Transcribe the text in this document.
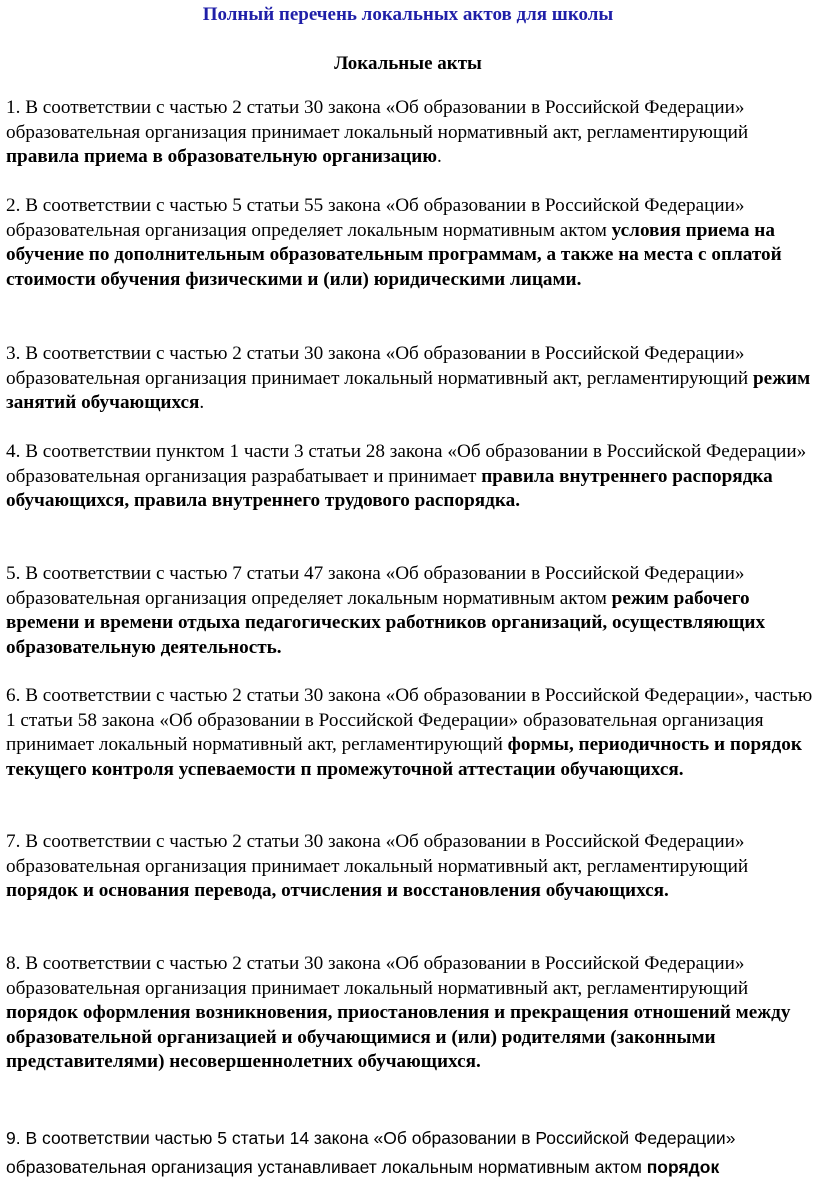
Полный перечень локальных актов для школы
Локальные акты

1. В соответствии с частью 2 статьи 30 закона «Об образовании в Российской Федерации» образовательная организация принимает локальный нормативный акт, регламентирующий правила приема в образовательную организацию.

2. В соответствии с частью 5 статьи 55 закона «Об образовании в Российской Федерации» образовательная организация определяет локальным нормативным актом условия приема на обучение по дополнительным образовательным программам, а также на места с оплатой стоимости обучения физическими и (или) юридическими лицами.

3. В соответствии с частью 2 статьи 30 закона «Об образовании в Российской Федерации» образовательная организация принимает локальный нормативный акт, регламентирующий режим занятий обучающихся.

4. В соответствии пунктом 1 части 3 статьи 28 закона «Об образовании в Российской Федерации» образовательная организация разрабатывает и принимает правила внутреннего распорядка обучающихся, правила внутреннего трудового распорядка.

5. В соответствии с частью 7 статьи 47 закона «Об образовании в Российской Федерации» образовательная организация определяет локальным нормативным актом режим рабочего времени и времени отдыха педагогических работников организаций, осуществляющих образовательную деятельность.

6. В соответствии с частью 2 статьи 30 закона «Об образовании в Российской Федерации», частью 1 статьи 58 закона «Об образовании в Российской Федерации» образовательная организация принимает локальный нормативный акт, регламентирующий формы, периодичность и порядок текущего контроля успеваемости п промежуточной аттестации обучающихся.

7. В соответствии с частью 2 статьи 30 закона «Об образовании в Российской Федерации» образовательная организация принимает локальный нормативный акт, регламентирующий порядок и основания перевода, отчисления и восстановления обучающихся.

8. В соответствии с частью 2 статьи 30 закона «Об образовании в Российской Федерации» образовательная организация принимает локальный нормативный акт, регламентирующий порядок оформления возникновения, приостановления и прекращения отношений между образовательной организацией и обучающимися и (или) родителями (законными представителями) несовершеннолетних обучающихся.

9. В соответствии частью 5 статьи 14 закона «Об образовании в Российской Федерации» образовательная организация устанавливает локальным нормативным актом порядок
